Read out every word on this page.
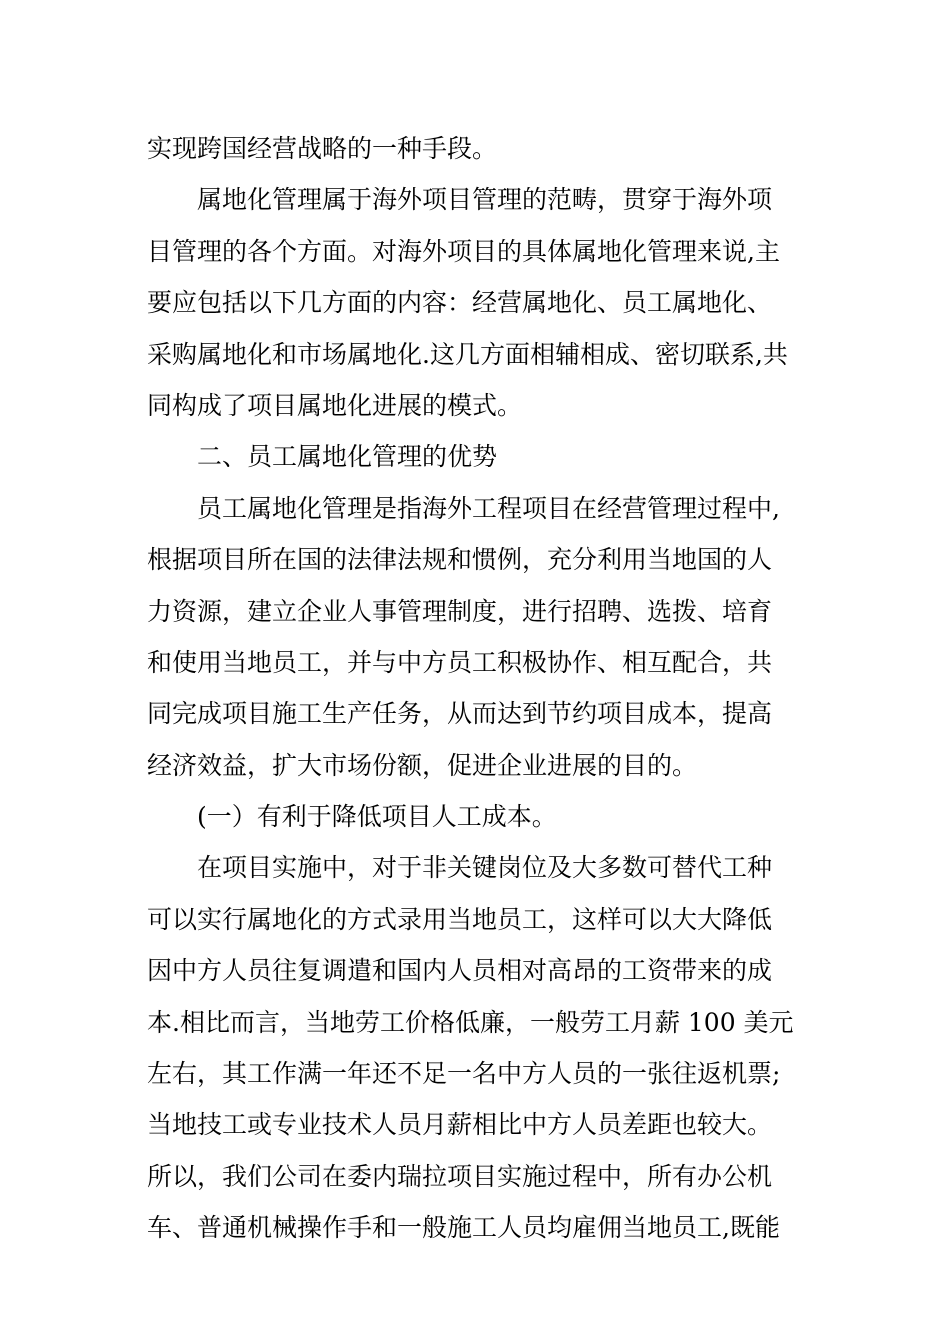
实现跨国经营战略的一种手段。
属地化管理属于海外项目管理的范畴，贯穿于海外项
目管理的各个方面。对海外项目的具体属地化管理来说,主
要应包括以下几方面的内容：经营属地化、员工属地化、
采购属地化和市场属地化.这几方面相辅相成、密切联系,共
同构成了项目属地化进展的模式。
二、员工属地化管理的优势
员工属地化管理是指海外工程项目在经营管理过程中,
根据项目所在国的法律法规和惯例，充分利用当地国的人
力资源，建立企业人事管理制度，进行招聘、选拨、培育
和使用当地员工，并与中方员工积极协作、相互配合，共
同完成项目施工生产任务，从而达到节约项目成本，提高
经济效益，扩大市场份额，促进企业进展的目的。
(一）有利于降低项目人工成本。
在项目实施中，对于非关键岗位及大多数可替代工种
可以实行属地化的方式录用当地员工，这样可以大大降低
因中方人员往复调遣和国内人员相对高昂的工资带来的成
本.相比而言，当地劳工价格低廉，一般劳工月薪 100 美元
左右，其工作满一年还不足一名中方人员的一张往返机票;
当地技工或专业技术人员月薪相比中方人员差距也较大。
所以，我们公司在委内瑞拉项目实施过程中，所有办公机
车、普通机械操作手和一般施工人员均雇佣当地员工,既能
